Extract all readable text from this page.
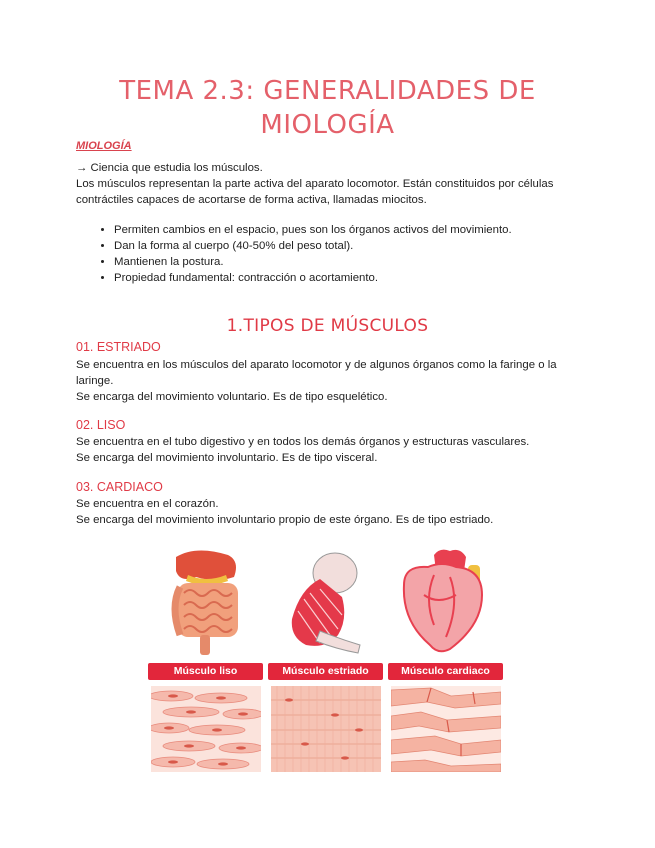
TEMA 2.3: GENERALIDADES DE
MIOLOGÍA
MIOLOGÍA
→ Ciencia que estudia los músculos.
Los músculos representan la parte activa del aparato locomotor. Están constituidos por células
contráctiles capaces de acortarse de forma activa, llamadas miocitos.
• Permiten cambios en el espacio, pues son los órganos activos del movimiento.
• Dan la forma al cuerpo (40-50% del peso total).
• Mantienen la postura.
• Propiedad fundamental: contracción o acortamiento.
1.TIPOS DE MÚSCULOS
01. ESTRIADO
Se encuentra en los músculos del aparato locomotor y de algunos órganos como la faringe o la
laringe.
Se encarga del movimiento voluntario. Es de tipo esquelético.
02. LISO
Se encuentra en el tubo digestivo y en todos los demás órganos y estructuras vasculares.
Se encarga del movimiento involuntario. Es de tipo visceral.
03. CARDIACO
Se encuentra en el corazón.
Se encarga del movimiento involuntario propio de este órgano. Es de tipo estriado.
Músculo liso	Músculo estriado	Músculo cardiaco
